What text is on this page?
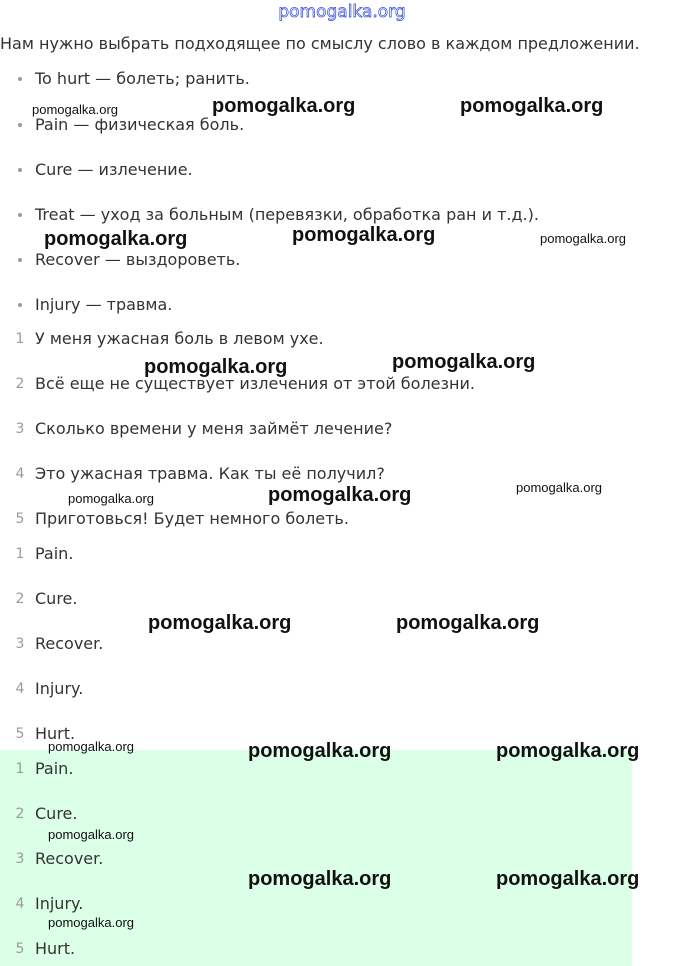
pomogalka.org
Нам нужно выбрать подходящее по смыслу слово в каждом предложении.
To hurt — болеть; ранить.
Pain — физическая боль.
Cure — излечение.
Treat — уход за больным (перевязки, обработка ран и т.д.).
Recover — выздороветь.
Injury — травма.
1 У меня ужасная боль в левом ухе.
2 Всё еще не существует излечения от этой болезни.
3 Сколько времени у меня займёт лечение?
4 Это ужасная травма. Как ты её получил?
5 Приготовься! Будет немного болеть.
1 Pain.
2 Cure.
3 Recover.
4 Injury.
5 Hurt.
1 Pain.
2 Cure.
3 Recover.
4 Injury.
5 Hurt.
pomogalka.org	pomogalka.org	pomogalka.org
pomogalka.org	pomogalka.org	pomogalka.org
pomogalka.org	pomogalka.org
pomogalka.org	pomogalka.org	pomogalka.org
pomogalka.org	pomogalka.org
pomogalka.org	pomogalka.org	pomogalka.org
pomogalka.org
pomogalka.org	pomogalka.org
pomogalka.org
